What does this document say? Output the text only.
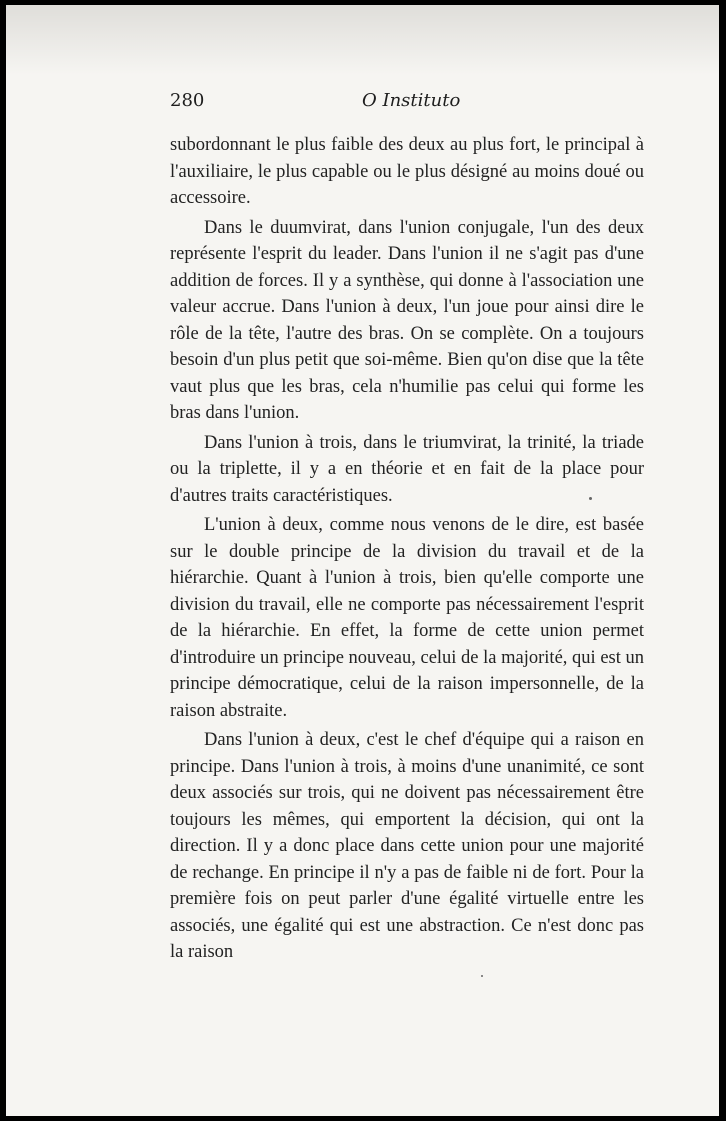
280	O Instituto

subordonnant le plus faible des deux au plus fort, le principal à l'auxiliaire, le plus capable ou le plus désigné au moins doué ou accessoire.

Dans le duumvirat, dans l'union conjugale, l'un des deux représente l'esprit du leader. Dans l'union il ne s'agit pas d'une addition de forces. Il y a synthèse, qui donne à l'association une valeur accrue. Dans l'union à deux, l'un joue pour ainsi dire le rôle de la tête, l'autre des bras. On se complète. On a toujours besoin d'un plus petit que soi-même. Bien qu'on dise que la tête vaut plus que les bras, cela n'humilie pas celui qui forme les bras dans l'union.

Dans l'union à trois, dans le triumvirat, la trinité, la triade ou la triplette, il y a en théorie et en fait de la place pour d'autres traits caractéristiques.

L'union à deux, comme nous venons de le dire, est basée sur le double principe de la division du travail et de la hiérarchie. Quant à l'union à trois, bien qu'elle comporte une division du travail, elle ne comporte pas nécessairement l'esprit de la hiérarchie. En effet, la forme de cette union permet d'introduire un principe nouveau, celui de la majorité, qui est un principe démocratique, celui de la raison impersonnelle, de la raison abstraite.

Dans l'union à deux, c'est le chef d'équipe qui a raison en principe. Dans l'union à trois, à moins d'une unanimité, ce sont deux associés sur trois, qui ne doivent pas nécessairement être toujours les mêmes, qui emportent la décision, qui ont la direction. Il y a donc place dans cette union pour une majorité de rechange. En principe il n'y a pas de faible ni de fort. Pour la première fois on peut parler d'une égalité virtuelle entre les associés, une égalité qui est une abstraction. Ce n'est donc pas la raison
